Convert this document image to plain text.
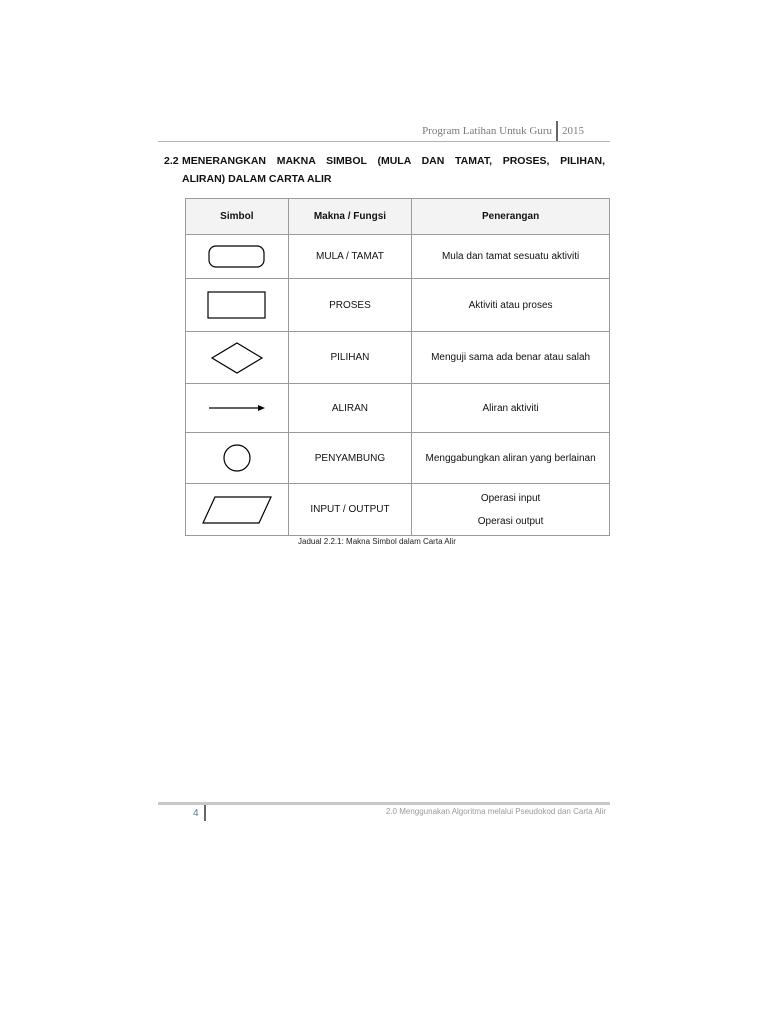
Program Latihan Untuk Guru 2015
2.2 MENERANGKAN MAKNA SIMBOL (MULA DAN TAMAT, PROSES, PILIHAN,
ALIRAN) DALAM CARTA ALIR
Simbol	Makna / Fungsi	Penerangan

	MULA / TAMAT	Mula dan tamat sesuatu aktiviti

	PROSES	Aktiviti atau proses

	PILIHAN	Menguji sama ada benar atau salah

	ALIRAN	Aliran aktiviti

	PENYAMBUNG	Menggabungkan aliran yang berlainan

	INPUT / OUTPUT	Operasi input
Operasi output
Jadual 2.2.1: Makna Simbol dalam Carta Alir
4	2.0 Menggunakan Algoritma melalui Pseudokod dan Carta Alir
